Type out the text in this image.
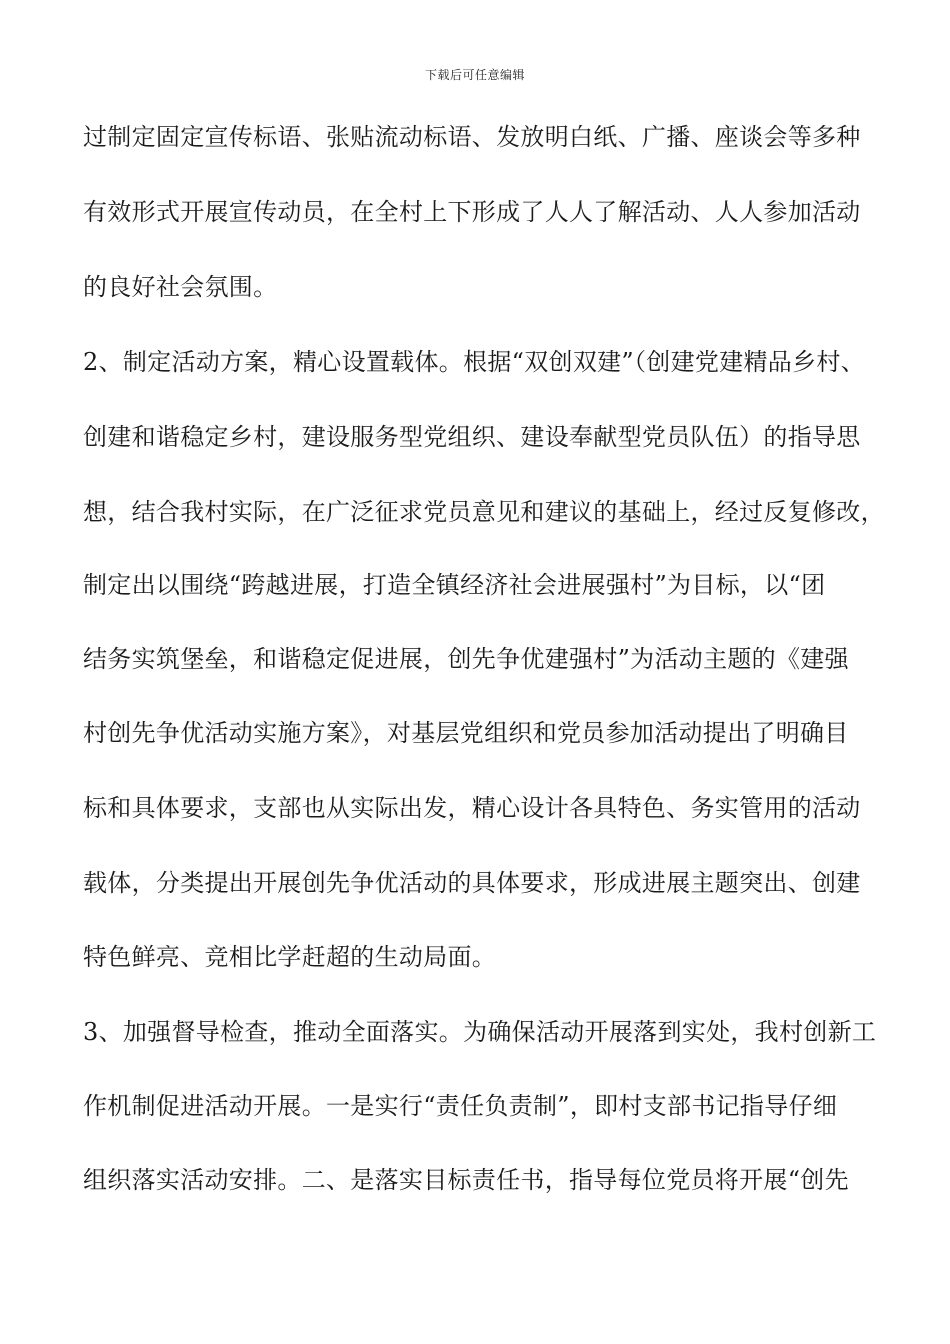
下载后可任意编辑
过制定固定宣传标语、张贴流动标语、发放明白纸、广播、座谈会等多种
有效形式开展宣传动员，在全村上下形成了人人了解活动、人人参加活动
的良好社会氛围。
2、制定活动方案，精心设置载体。根据“双创双建”（创建党建精品乡村、
创建和谐稳定乡村，建设服务型党组织、建设奉献型党员队伍）的指导思
想，结合我村实际，在广泛征求党员意见和建议的基础上，经过反复修改，
制定出以围绕“跨越进展，打造全镇经济社会进展强村”为目标，以“团
结务实筑堡垒，和谐稳定促进展，创先争优建强村”为活动主题的《建强
村创先争优活动实施方案》，对基层党组织和党员参加活动提出了明确目
标和具体要求，支部也从实际出发，精心设计各具特色、务实管用的活动
载体，分类提出开展创先争优活动的具体要求，形成进展主题突出、创建
特色鲜亮、竞相比学赶超的生动局面。
3、加强督导检查，推动全面落实。为确保活动开展落到实处，我村创新工
作机制促进活动开展。一是实行“责任负责制”，即村支部书记指导仔细
组织落实活动安排。二、是落实目标责任书，指导每位党员将开展“创先
